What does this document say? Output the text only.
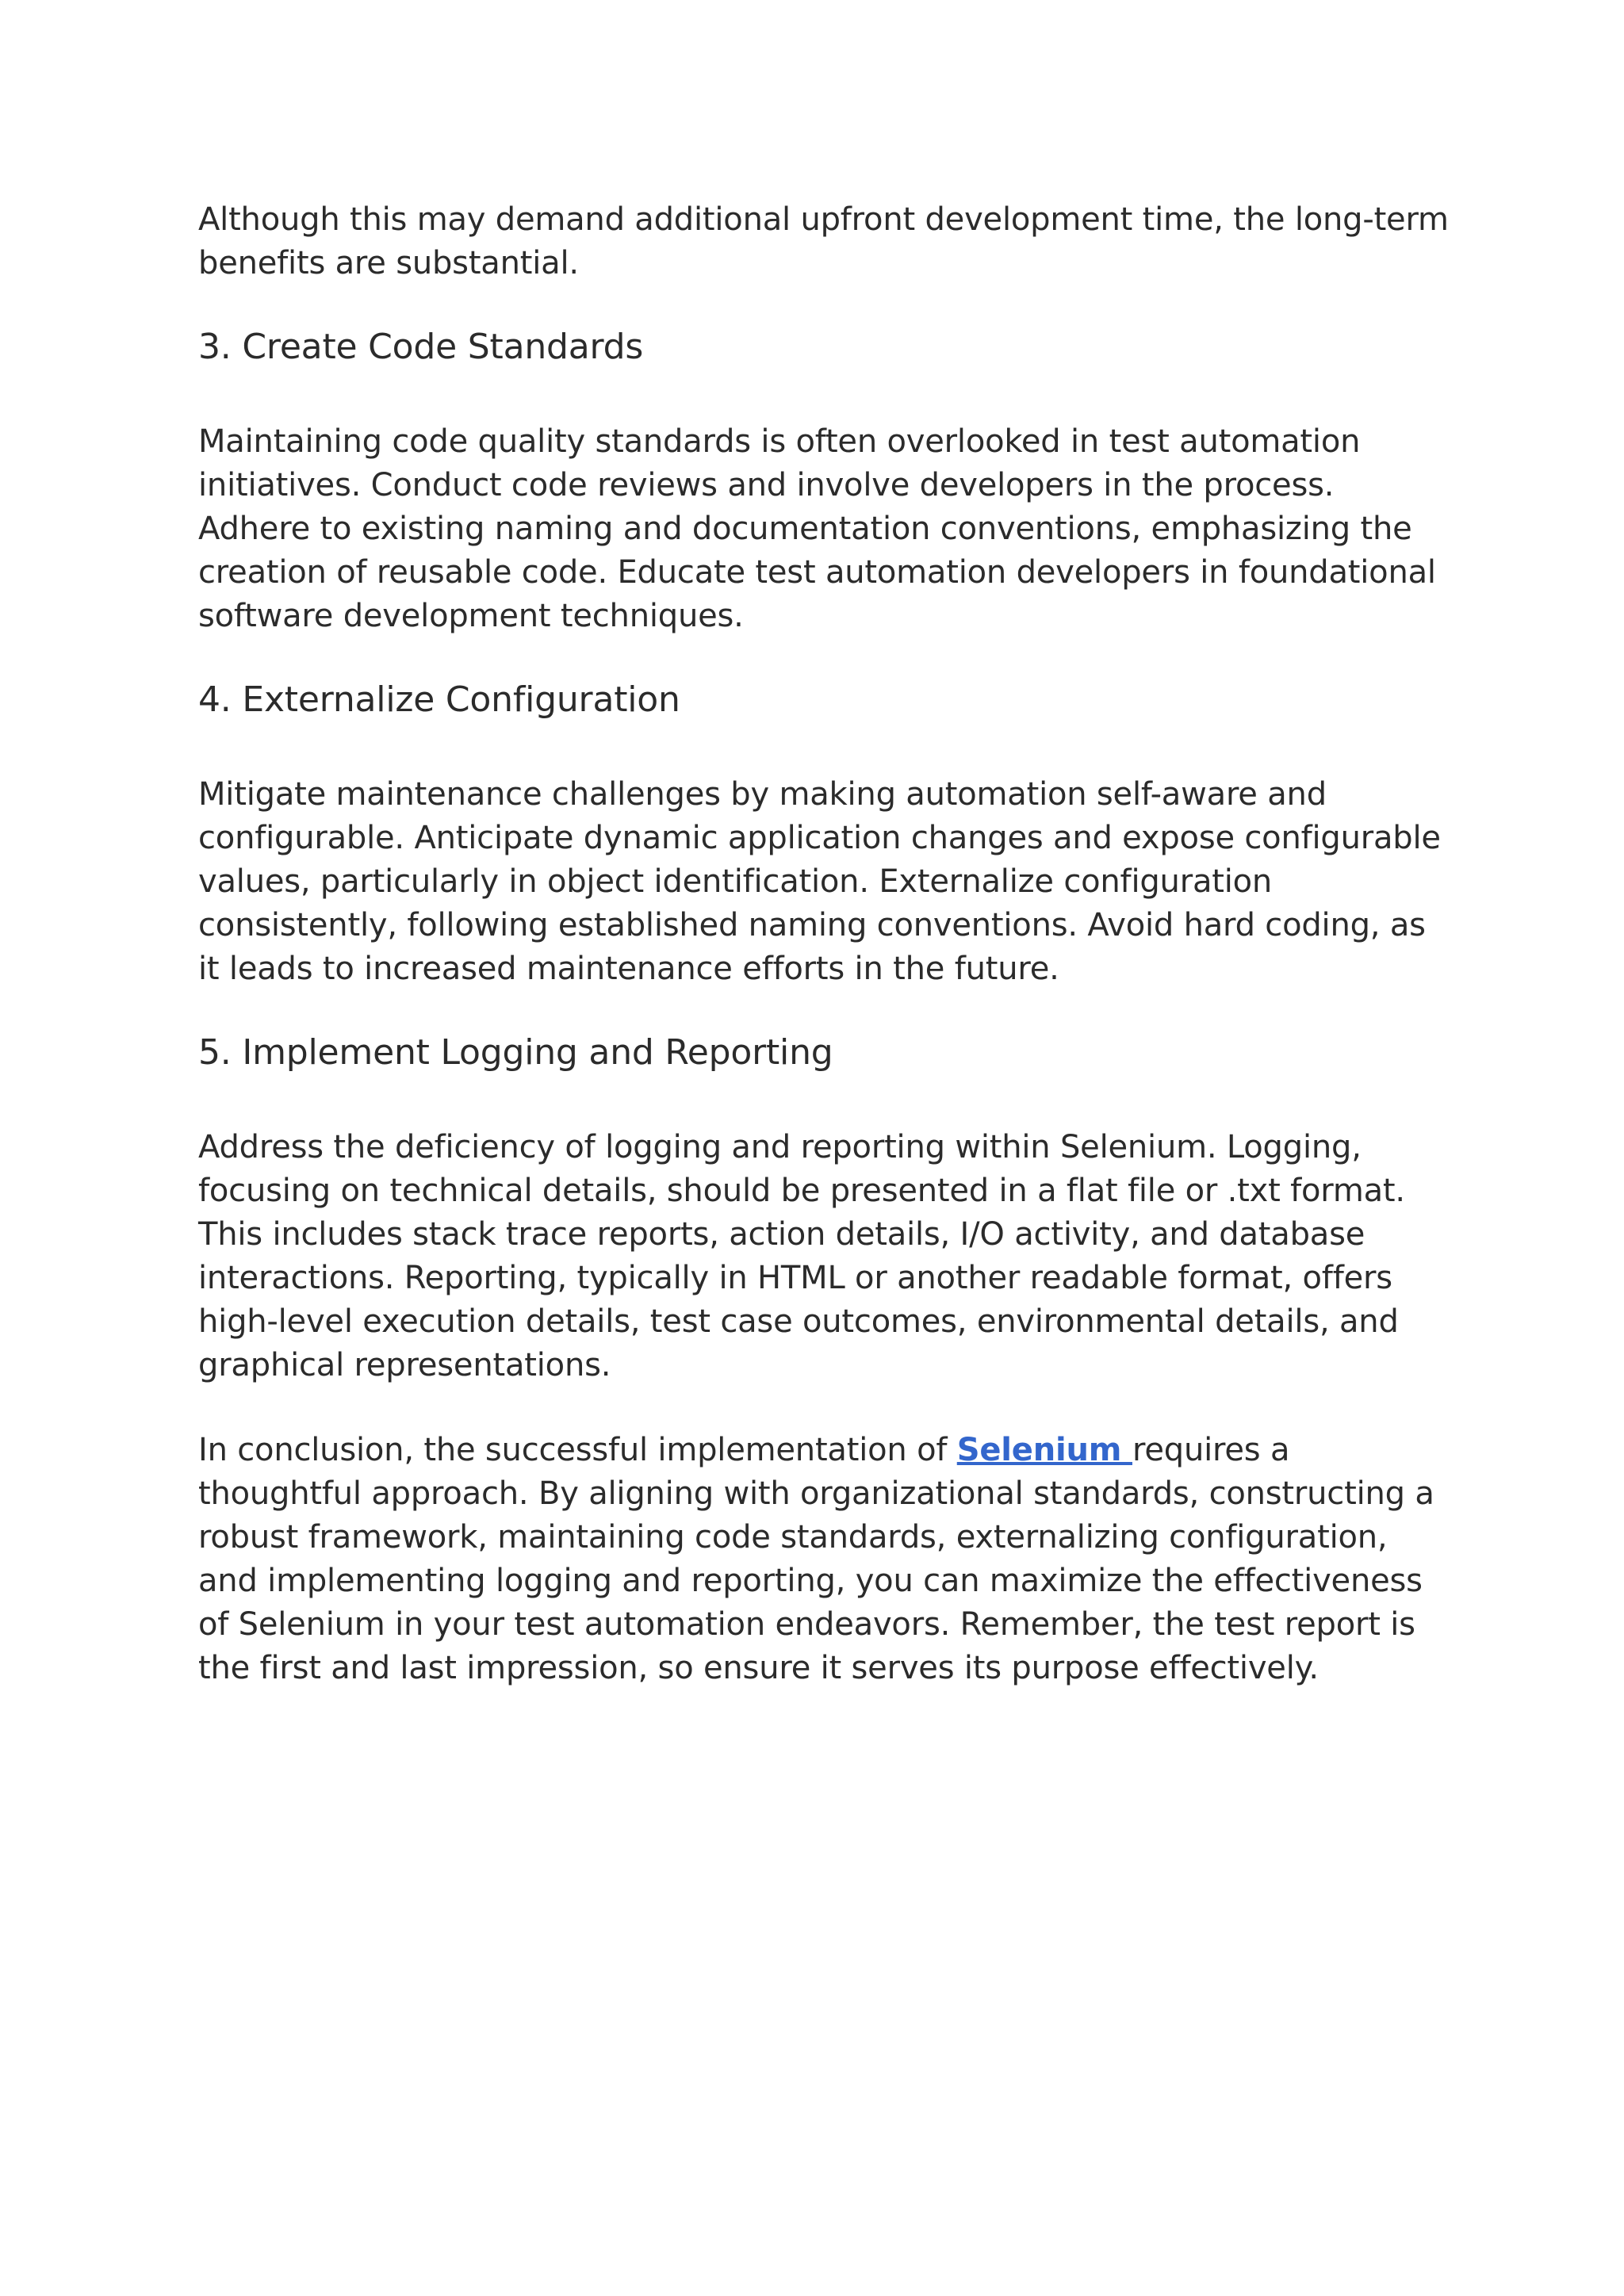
Although this may demand additional upfront development time, the long-term benefits are substantial.

3. Create Code Standards

Maintaining code quality standards is often overlooked in test automation initiatives. Conduct code reviews and involve developers in the process. Adhere to existing naming and documentation conventions, emphasizing the creation of reusable code. Educate test automation developers in foundational software development techniques.

4. Externalize Configuration

Mitigate maintenance challenges by making automation self-aware and configurable. Anticipate dynamic application changes and expose configurable values, particularly in object identification. Externalize configuration consistently, following established naming conventions. Avoid hard coding, as it leads to increased maintenance efforts in the future.

5. Implement Logging and Reporting

Address the deficiency of logging and reporting within Selenium. Logging, focusing on technical details, should be presented in a flat file or .txt format. This includes stack trace reports, action details, I/O activity, and database interactions. Reporting, typically in HTML or another readable format, offers high-level execution details, test case outcomes, environmental details, and graphical representations.

In conclusion, the successful implementation of Selenium requires a thoughtful approach. By aligning with organizational standards, constructing a robust framework, maintaining code standards, externalizing configuration, and implementing logging and reporting, you can maximize the effectiveness of Selenium in your test automation endeavors. Remember, the test report is the first and last impression, so ensure it serves its purpose effectively.
